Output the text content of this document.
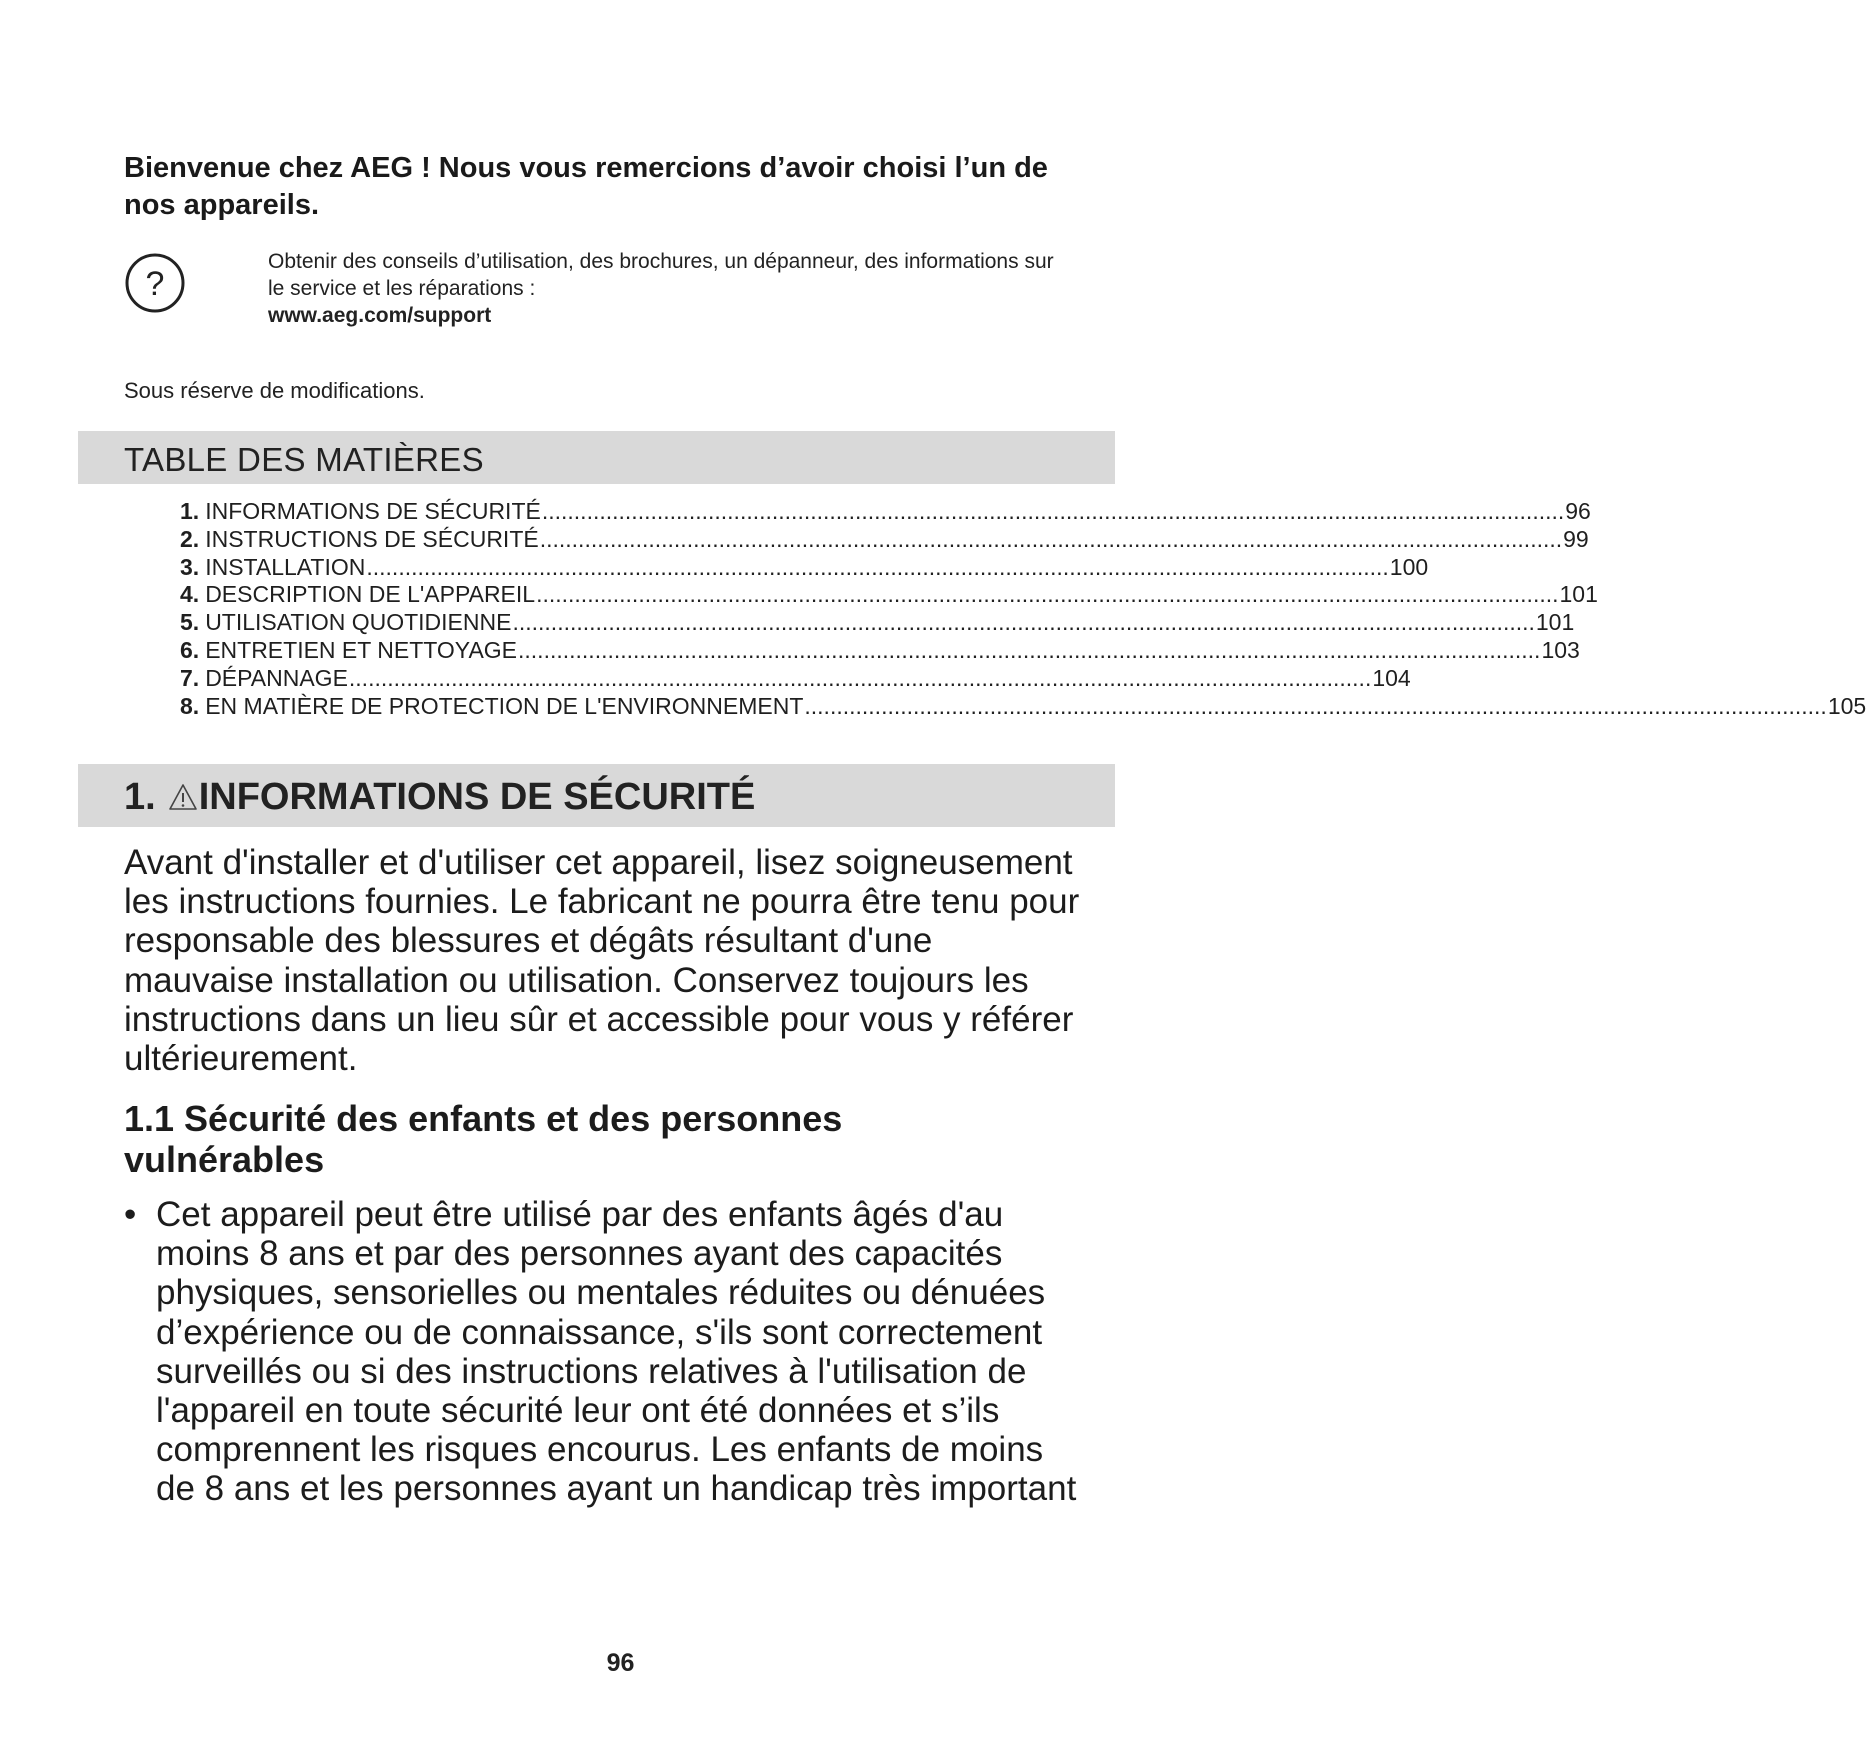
Bienvenue chez AEG ! Nous vous remercions d’avoir choisi l’un de
nos appareils.
?
Obtenir des conseils d’utilisation, des brochures, un dépanneur, des informations sur
le service et les réparations :
www.aeg.com/support
Sous réserve de modifications.
TABLE DES MATIÈRES
1. INFORMATIONS DE SÉCURITÉ ................................................................................................................................................................ 96
2. INSTRUCTIONS DE SÉCURITÉ ................................................................................................................................................................ 99
3. INSTALLATION ................................................................................................................................................................ 100
4. DESCRIPTION DE L'APPAREIL ................................................................................................................................................................ 101
5. UTILISATION QUOTIDIENNE ................................................................................................................................................................ 101
6. ENTRETIEN ET NETTOYAGE ................................................................................................................................................................ 103
7. DÉPANNAGE ................................................................................................................................................................ 104
8. EN MATIÈRE DE PROTECTION DE L'ENVIRONNEMENT ................................................................................................................................................................ 105
1. INFORMATIONS DE SÉCURITÉ
Avant d'installer et d'utiliser cet appareil, lisez soigneusement
les instructions fournies. Le fabricant ne pourra être tenu pour
responsable des blessures et dégâts résultant d'une
mauvaise installation ou utilisation. Conservez toujours les
instructions dans un lieu sûr et accessible pour vous y référer
ultérieurement.
1.1 Sécurité des enfants et des personnes
vulnérables
• Cet appareil peut être utilisé par des enfants âgés d'au
moins 8 ans et par des personnes ayant des capacités
physiques, sensorielles ou mentales réduites ou dénuées
d’expérience ou de connaissance, s'ils sont correctement
surveillés ou si des instructions relatives à l'utilisation de
l'appareil en toute sécurité leur ont été données et s’ils
comprennent les risques encourus. Les enfants de moins
de 8 ans et les personnes ayant un handicap très important
96
